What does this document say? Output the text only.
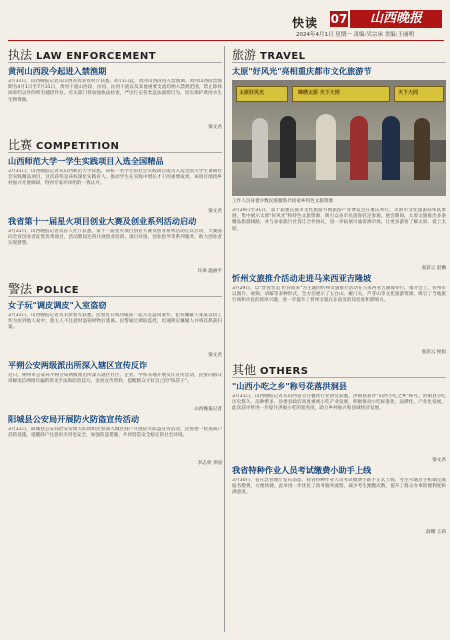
快读 07	山西晚报
2024年4月1日 星期一 责编:吴宗承 美编:王丽明
执法 LAW ENFORCEMENT
黄河山西段今起进入禁渔期

3月31日，山西晚报记者从山西省农业农村厅获悉，4月1日起，黄河山西段进入禁渔期。黄河山西段禁渔期为4月1日至7月31日，黄河干流山西段、汾河、沁河干流以及其他重要支流均纳入禁渔范围，禁止除休闲垂钓以外的所有捕捞作业。有关部门将加强执法检查，严厉打击各类违法捕捞行为，切实保护黄河水生生物资源。

梁文君
比赛 COMPETITION
山西师范大学一学生实践项目入选全国精品

3月31日，山西晚报记者从山西师范大学获悉，该校一名学生的社会实践项目成功入选全国大学生暑期社会实践精品项目。这次获奖是该校深化实践育人、推动学生在实践中增长才干的重要成果，该项目围绕乡村振兴开展调研，得到专家评审组的一致认可。

梁文君
我省第十一届星火项目创业大赛及创业系列活动启动

3月31日，山西晚报记者从省人社厅获悉，第十一届星火项目创业大赛及创业系列活动正式启动，大赛面向全省创业者征集优秀项目，活动期间还将开展创业培训、项目对接、创业指导等系列服务，助力创业者实现梦想。

许翠 温丽平
警法 POLICE
女子玩"调皮调皮"入室盗窃

3月31日，山西晚报记者从太原警方获悉，民警近日成功破获一起入室盗窃案件，犯罪嫌疑人张某以找工作为由到他人家中，趁主人不注意时盗窃财物后逃离。民警通过调取监控，迅速锁定嫌疑人并将其抓获归案。

梁文君
平朔公安两级派出所深入辖区宣传反诈

近日，朔州市公安局平朔分局两级派出所深入辖区社区、企业、学校等地开展反诈宣传活动，民警向群众讲解电信网络诈骗的常见手法和防范技巧，发放宣传资料，提醒群众守好自己的"钱袋子"。

山西晚报记者
阳城县公安局开展防火防盗宣传活动

3月31日，阳城县公安局治安管理大队组织民警深入城区商户开展防火防盗宣传活动，民警逐一检查商户消防设施，提醒商户注意用火用电安全，加强防盗措施，共同营造安全稳定的社会环境。

李志勇 李国
旅游 TRAVEL
太原"好风光"亮相重庆都市文化旅游节
太原好风光	锦绣太原 天下大同	天下大同
工作人员身着少数民族服饰介绍家乡特色文旅资源

3月29日至31日，第十届重庆都市文化旅游节暨旅游产业博览会在重庆举行，太原市文化旅游局率队参展，集中展示太原"好风光"和特色文旅资源，吸引众多市民游客驻足参观。展会期间，太原文旅推出多条精品旅游线路，并与多家旅行社签订合作协议，进一步拓展川渝客源市场，让更多游客了解太原、爱上太原。

张彩云 赵璐
忻州文旅推介活动走进马来西亚吉隆坡

3月29日，以"晋善晋美 忻你而来"为主题的忻州文旅推介活动在马来西亚吉隆坡举行。推介会上，忻州市以图片、视频、讲解等多种形式，全方位展示了五台山、雁门关、芦芽山等文化旅游资源，吸引了当地旅行商和市民的浓厚兴趣，进一步提升了忻州文旅在东南亚的知名度和影响力。

张彩云 侯娟
其他 OTHERS
"山西小吃之乡"称号花落洪洞县

3月31日，山西晚报记者从山西省烹饪餐饮行业协会获悉，洪洞县获评"山西小吃之乡"称号。洪洞县小吃历史悠久、品种繁多，县委县政府高度重视小吃产业发展，积极推动小吃标准化、品牌化、产业化发展，此次获评将进一步提升洪洞小吃的知名度，助力乡村振兴和县域经济发展。

梁文君
我省特种作业人员考试缴费小助手上线

3月30日，省应急管理厅发布消息，我省特种作业人员考试缴费小助手正式上线，考生可通过手机端完成报名缴费，方便快捷。此举进一步优化了政务服务流程，减少考生跑腿次数，提升了群众办事的便利度和满意度。

薛娜 王莉
